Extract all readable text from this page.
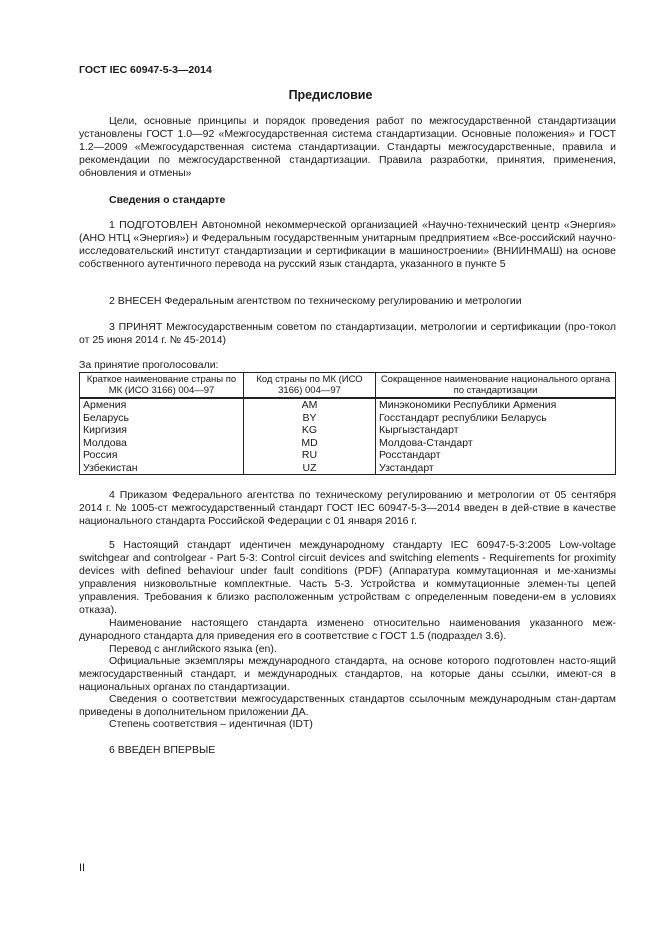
ГОСТ IEC 60947-5-3—2014
Предисловие
Цели, основные принципы и порядок проведения работ по межгосударственной стандартизации установлены ГОСТ 1.0—92 «Межгосударственная система стандартизации. Основные положения» и ГОСТ 1.2—2009 «Межгосударственная система стандартизации. Стандарты межгосударственные, правила и рекомендации по межгосударственной стандартизации. Правила разработки, принятия, применения, обновления и отмены»
Сведения о стандарте
1 ПОДГОТОВЛЕН Автономной некоммерческой организацией «Научно-технический центр «Энергия» (АНО НТЦ «Энергия») и Федеральным государственным унитарным предприятием «Все-российский научно-исследовательский институт стандартизации и сертификации в машиностроении» (ВНИИНМАШ) на основе собственного аутентичного перевода на русский язык стандарта, указанного в пункте 5
2 ВНЕСЕН Федеральным агентством по техническому регулированию и метрологии
3 ПРИНЯТ Межгосударственным советом по стандартизации, метрологии и сертификации (про-токол от 25 июня 2014 г. № 45-2014)
За принятие проголосовали:
Краткое наименование страны по МК (ИСО 3166) 004—97	Код страны по МК (ИСО 3166) 004—97	Сокращенное наименование национального органа по стандартизации
Армения	AM	Минэкономики Республики Армения
Беларусь	BY	Госстандарт республики Беларусь
Киргизия	KG	Кыргызстандарт
Молдова	MD	Молдова-Стандарт
Россия	RU	Росстандарт
Узбекистан	UZ	Узстандарт
4 Приказом Федерального агентства по техническому регулированию и метрологии от 05 сентября 2014 г. № 1005-ст межгосударственный стандарт ГОСТ IEC 60947-5-3—2014 введен в дей-ствие в качестве национального стандарта Российской Федерации с 01 января 2016 г.
5 Настоящий стандарт идентичен международному стандарту IEC 60947-5-3:2005 Low-voltage switchgear and controlgear - Part 5-3: Control circuit devices and switching elements - Requirements for proximity devices with defined behaviour under fault conditions (PDF) (Аппаратура коммутационная и ме-ханизмы управления низковольтные комплектные. Часть 5-3. Устройства и коммутационные элемен-ты цепей управления. Требования к близко расположенным устройствам с определенным поведени-ем в условиях отказа).
Наименование настоящего стандарта изменено относительно наименования указанного меж-дународного стандарта для приведения его в соответствие с ГОСТ 1.5 (подраздел 3.6).
Перевод с английского языка (en).
Официальные экземпляры международного стандарта, на основе которого подготовлен насто-ящий межгосударственный стандарт, и международных стандартов, на которые даны ссылки, имеют-ся в национальных органах по стандартизации.
Сведения о соответствии межгосударственных стандартов ссылочным международным стан-дартам приведены в дополнительном приложении ДА.
Степень соответствия – идентичная (IDT)
6 ВВЕДЕН ВПЕРВЫЕ
II
